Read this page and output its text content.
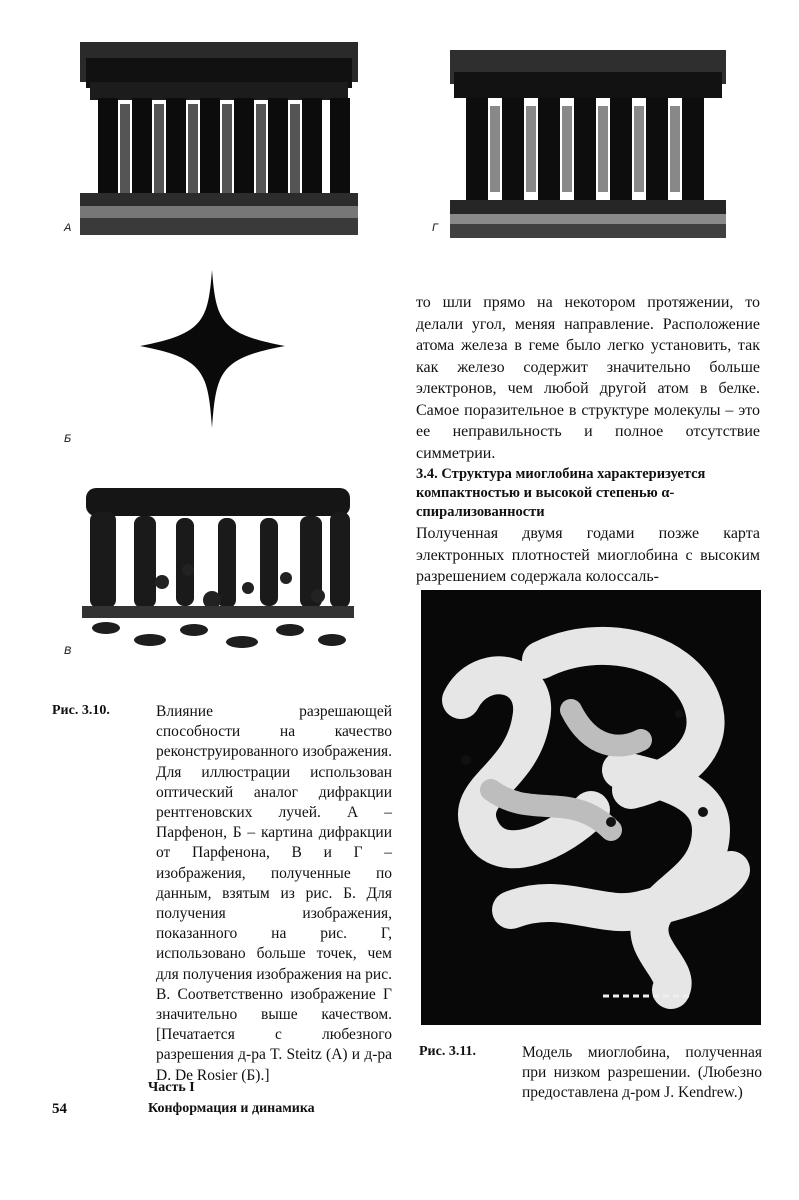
A	Г
Б
В
то шли прямо на некотором протяжении, то делали угол, меняя направление. Расположение атома железа в геме было легко установить, так как железо содержит значительно больше электронов, чем любой другой атом в белке. Самое поразительное в структуре молекулы – это ее неправильность и полное отсутствие симметрии.
3.4. Структура миоглобина характеризуется компактностью и высокой степенью α-спирализованности
Полученная двумя годами позже карта электронных плотностей миоглобина с высоким разрешением содержала колоссаль-
Рис. 3.11.	Модель миоглобина, полученная при низком разрешении. (Любезно предоставлена д-ром J. Kendrew.)
Рис. 3.10.	Влияние разрешающей способности на качество реконструированного изображения. Для иллюстрации использован оптический аналог дифракции рентгеновских лучей. А – Парфенон, Б – картина дифракции от Парфенона, В и Г – изображения, полученные по данным, взятым из рис. Б. Для получения изображения, показанного на рис. Г, использовано больше точек, чем для получения изображения на рис. В. Соответственно изображение Г значительно выше качеством. [Печатается с любезного разрешения д-ра T. Steitz (А) и д-ра D. De Rosier (Б).]
54
Часть I
Конформация и динамика
